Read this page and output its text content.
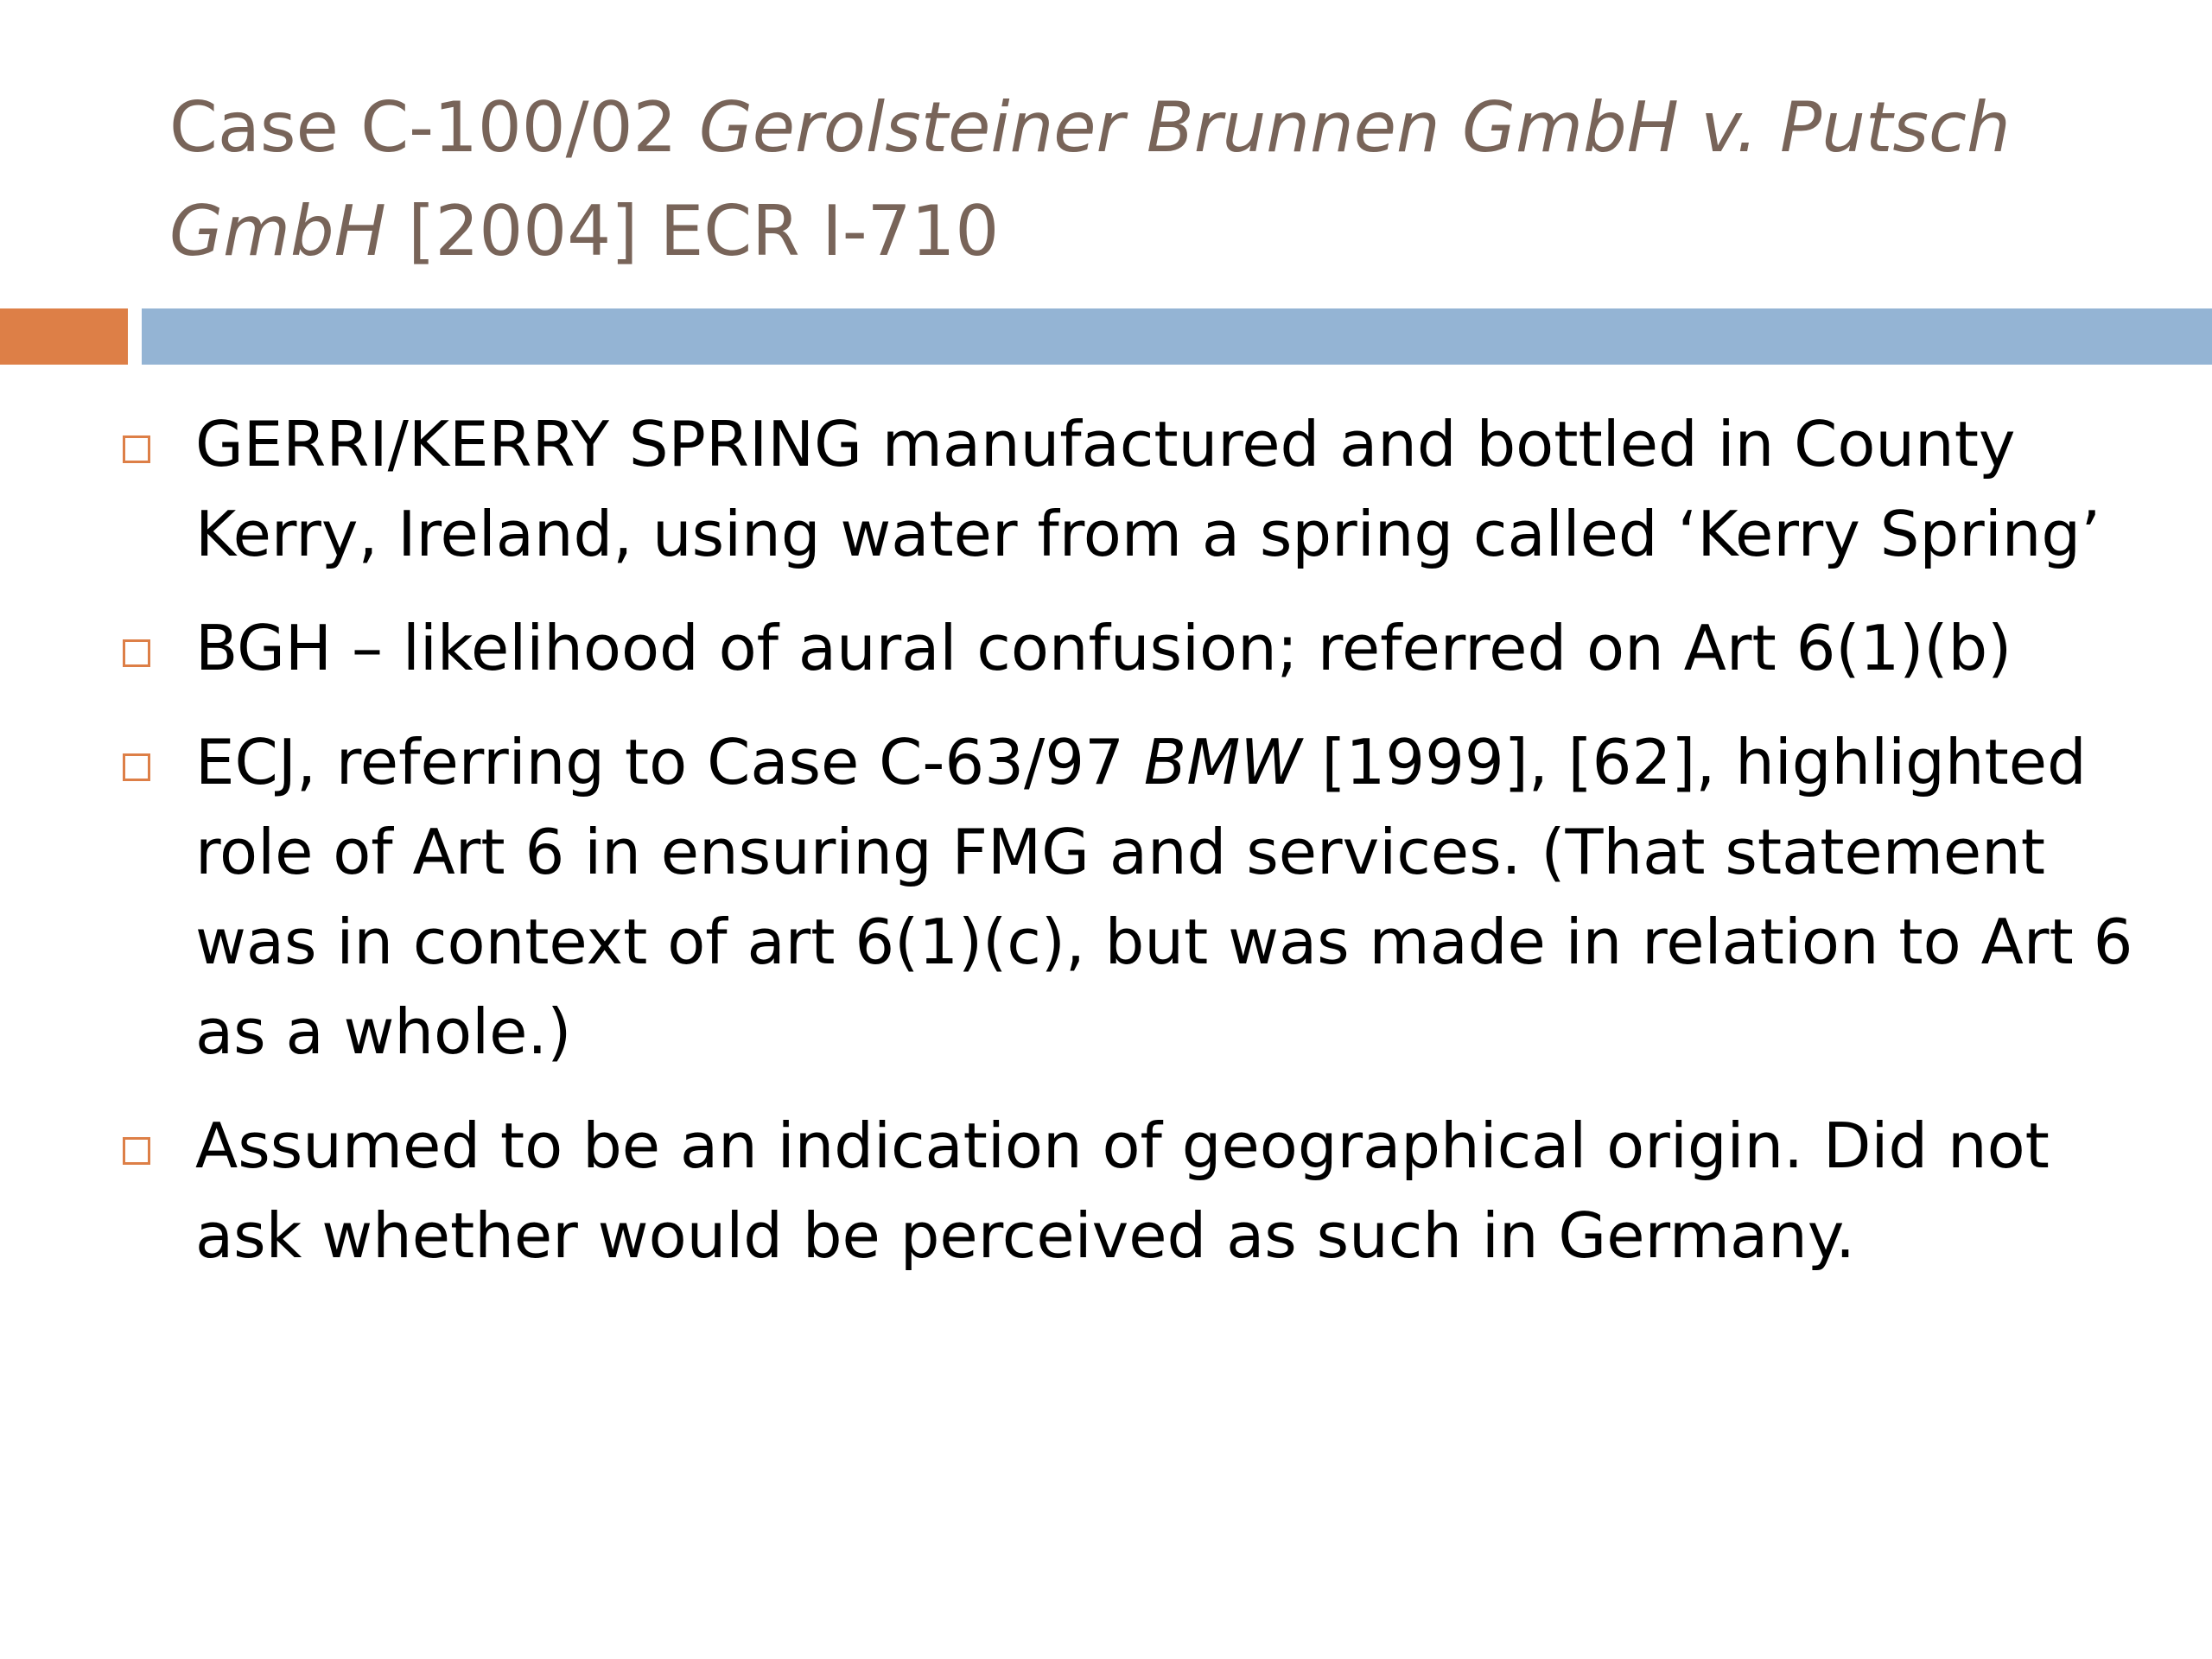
Case C-100/02 Gerolsteiner Brunnen GmbH v. Putsch GmbH [2004] ECR I-710
GERRI/KERRY SPRING manufactured and bottled in County Kerry, Ireland, using water from a spring called ‘Kerry Spring’
BGH – likelihood of aural confusion; referred on Art 6(1)(b)
ECJ, referring to Case C-63/97 BMW [1999], [62], highlighted role of Art 6 in ensuring FMG and services. (That statement was in context of art 6(1)(c), but was made in relation to Art 6 as a whole.)
Assumed to be an indication of geographical origin. Did not ask whether would be perceived as such in Germany.
